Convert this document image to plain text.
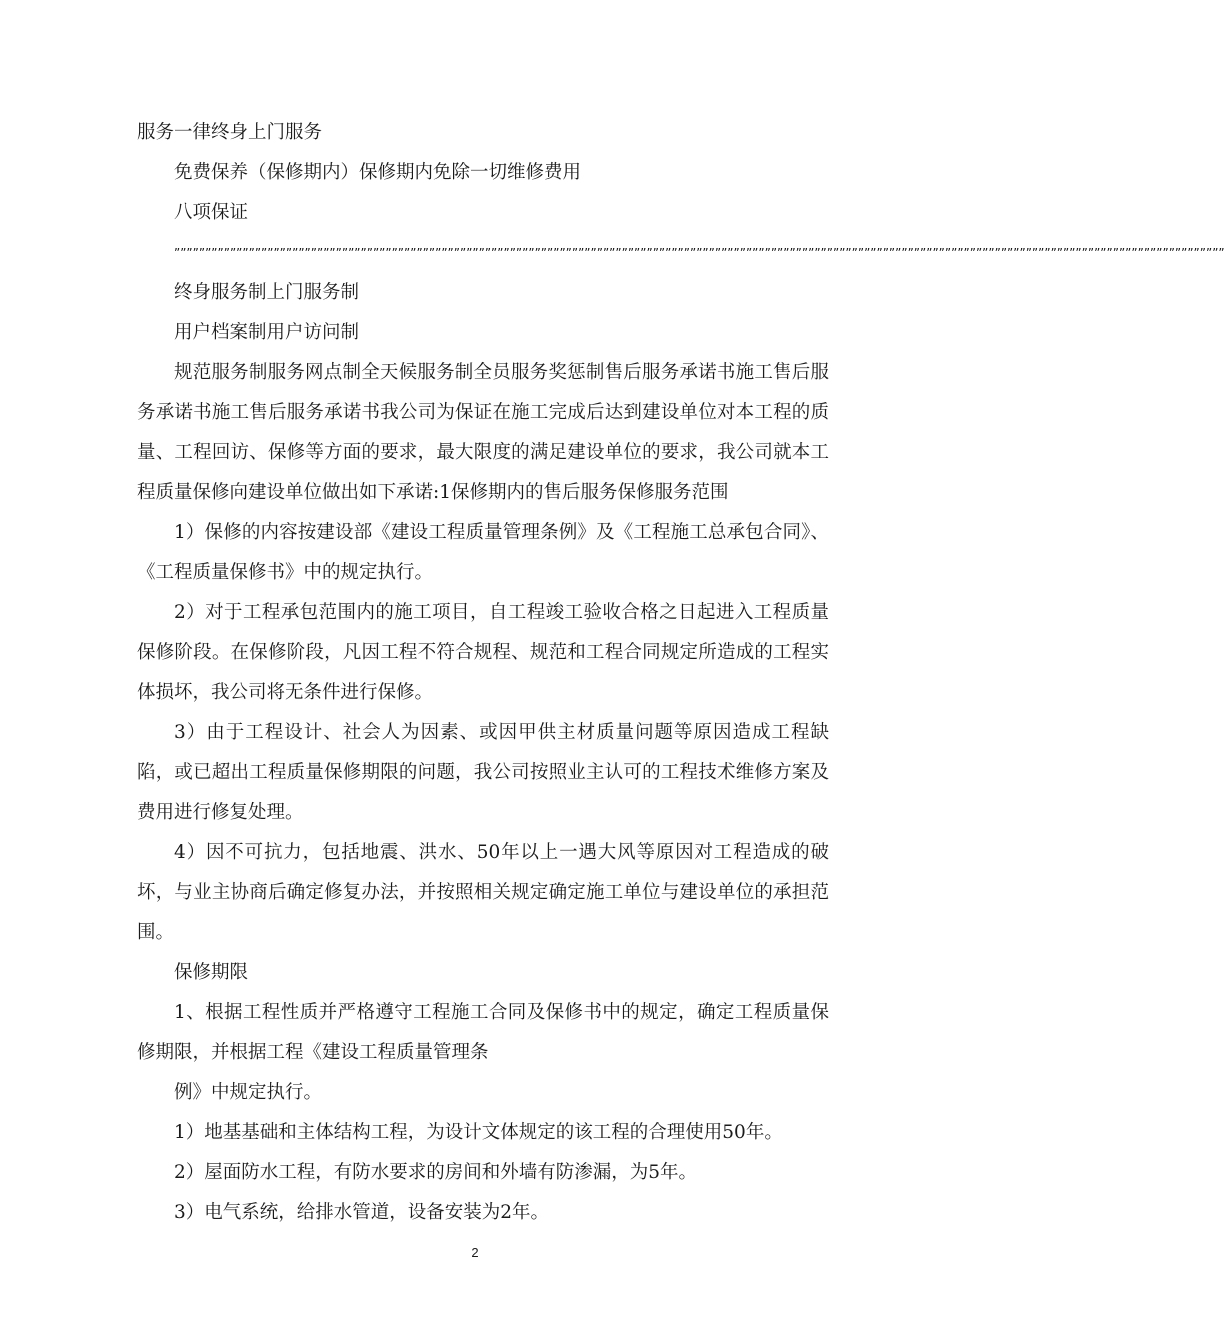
服务一律终身上门服务

免费保养（保修期内）保修期内免除一切维修费用

八项保证

”””””””””””””””””””””””””””””””””””””””””””””””””””””””””””””””””””””””””””””””””””””””””””””””””””””””””””””””””””””””””””””””””””””””””””””””””””””””””””””””””””””””””

终身服务制上门服务制

用户档案制用户访问制

规范服务制服务网点制全天候服务制全员服务奖惩制售后服务承诺书施工售后服务承诺书施工售后服务承诺书我公司为保证在施工完成后达到建设单位对本工程的质量、工程回访、保修等方面的要求，最大限度的满足建设单位的要求，我公司就本工程质量保修向建设单位做出如下承诺:1保修期内的售后服务保修服务范围

1）保修的内容按建设部《建设工程质量管理条例》及《工程施工总承包合同》、《工程质量保修书》中的规定执行。

2）对于工程承包范围内的施工项目，自工程竣工验收合格之日起进入工程质量保修阶段。在保修阶段，凡因工程不符合规程、规范和工程合同规定所造成的工程实体损坏，我公司将无条件进行保修。

3）由于工程设计、社会人为因素、或因甲供主材质量问题等原因造成工程缺陷，或已超出工程质量保修期限的问题，我公司按照业主认可的工程技术维修方案及费用进行修复处理。

4）因不可抗力，包括地震、洪水、50年以上一遇大风等原因对工程造成的破坏，与业主协商后确定修复办法，并按照相关规定确定施工单位与建设单位的承担范围。

保修期限

1、根据工程性质并严格遵守工程施工合同及保修书中的规定，确定工程质量保修期限，并根据工程《建设工程质量管理条

例》中规定执行。

1）地基基础和主体结构工程，为设计文体规定的该工程的合理使用50年。

2）屋面防水工程，有防水要求的房间和外墙有防渗漏，为5年。

3）电气系统，给排水管道，设备安装为2年。

2
